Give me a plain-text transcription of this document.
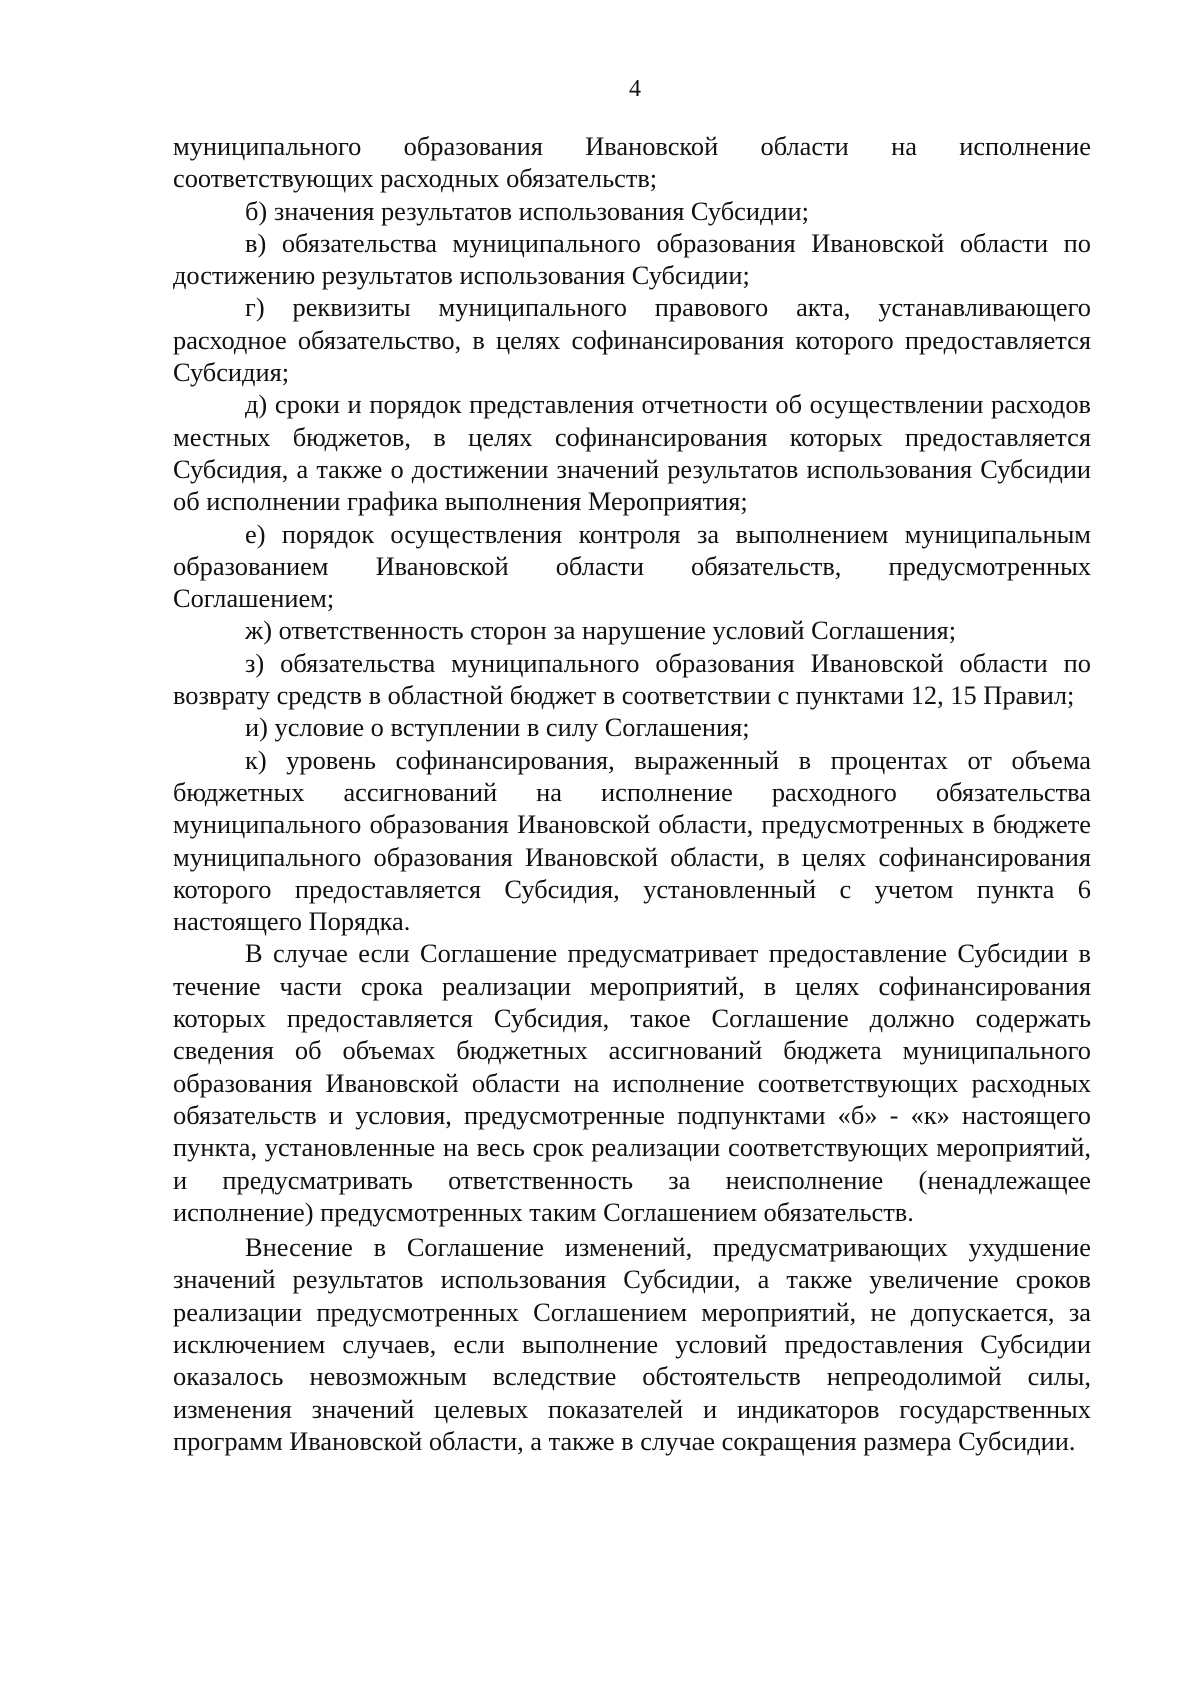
4

муниципального образования Ивановской области на исполнение соответствующих расходных обязательств;

б) значения результатов использования Субсидии;

в) обязательства муниципального образования Ивановской области по достижению результатов использования Субсидии;

г) реквизиты муниципального правового акта, устанавливающего расходное обязательство, в целях софинансирования которого предоставляется Субсидия;

д) сроки и порядок представления отчетности об осуществлении расходов местных бюджетов, в целях софинансирования которых предоставляется Субсидия, а также о достижении значений результатов использования Субсидии об исполнении графика выполнения Мероприятия;

е) порядок осуществления контроля за выполнением муниципальным образованием Ивановской области обязательств, предусмотренных Соглашением;

ж) ответственность сторон за нарушение условий Соглашения;

з) обязательства муниципального образования Ивановской области по возврату средств в областной бюджет в соответствии с пунктами 12, 15 Правил;

и) условие о вступлении в силу Соглашения;

к) уровень софинансирования, выраженный в процентах от объема бюджетных ассигнований на исполнение расходного обязательства муниципального образования Ивановской области, предусмотренных в бюджете муниципального образования Ивановской области, в целях софинансирования которого предоставляется Субсидия, установленный с учетом пункта 6 настоящего Порядка.

В случае если Соглашение предусматривает предоставление Субсидии в течение части срока реализации мероприятий, в целях софинансирования которых предоставляется Субсидия, такое Соглашение должно содержать сведения об объемах бюджетных ассигнований бюджета муниципального образования Ивановской области на исполнение соответствующих расходных обязательств и условия, предусмотренные подпунктами «б» - «к» настоящего пункта, установленные на весь срок реализации соответствующих мероприятий, и предусматривать ответственность за неисполнение (ненадлежащее исполнение) предусмотренных таким Соглашением обязательств.

Внесение в Соглашение изменений, предусматривающих ухудшение значений результатов использования Субсидии, а также увеличение сроков реализации предусмотренных Соглашением мероприятий, не допускается, за исключением случаев, если выполнение условий предоставления Субсидии оказалось невозможным вследствие обстоятельств непреодолимой силы, изменения значений целевых показателей и индикаторов государственных программ Ивановской области, а также в случае сокращения размера Субсидии.
